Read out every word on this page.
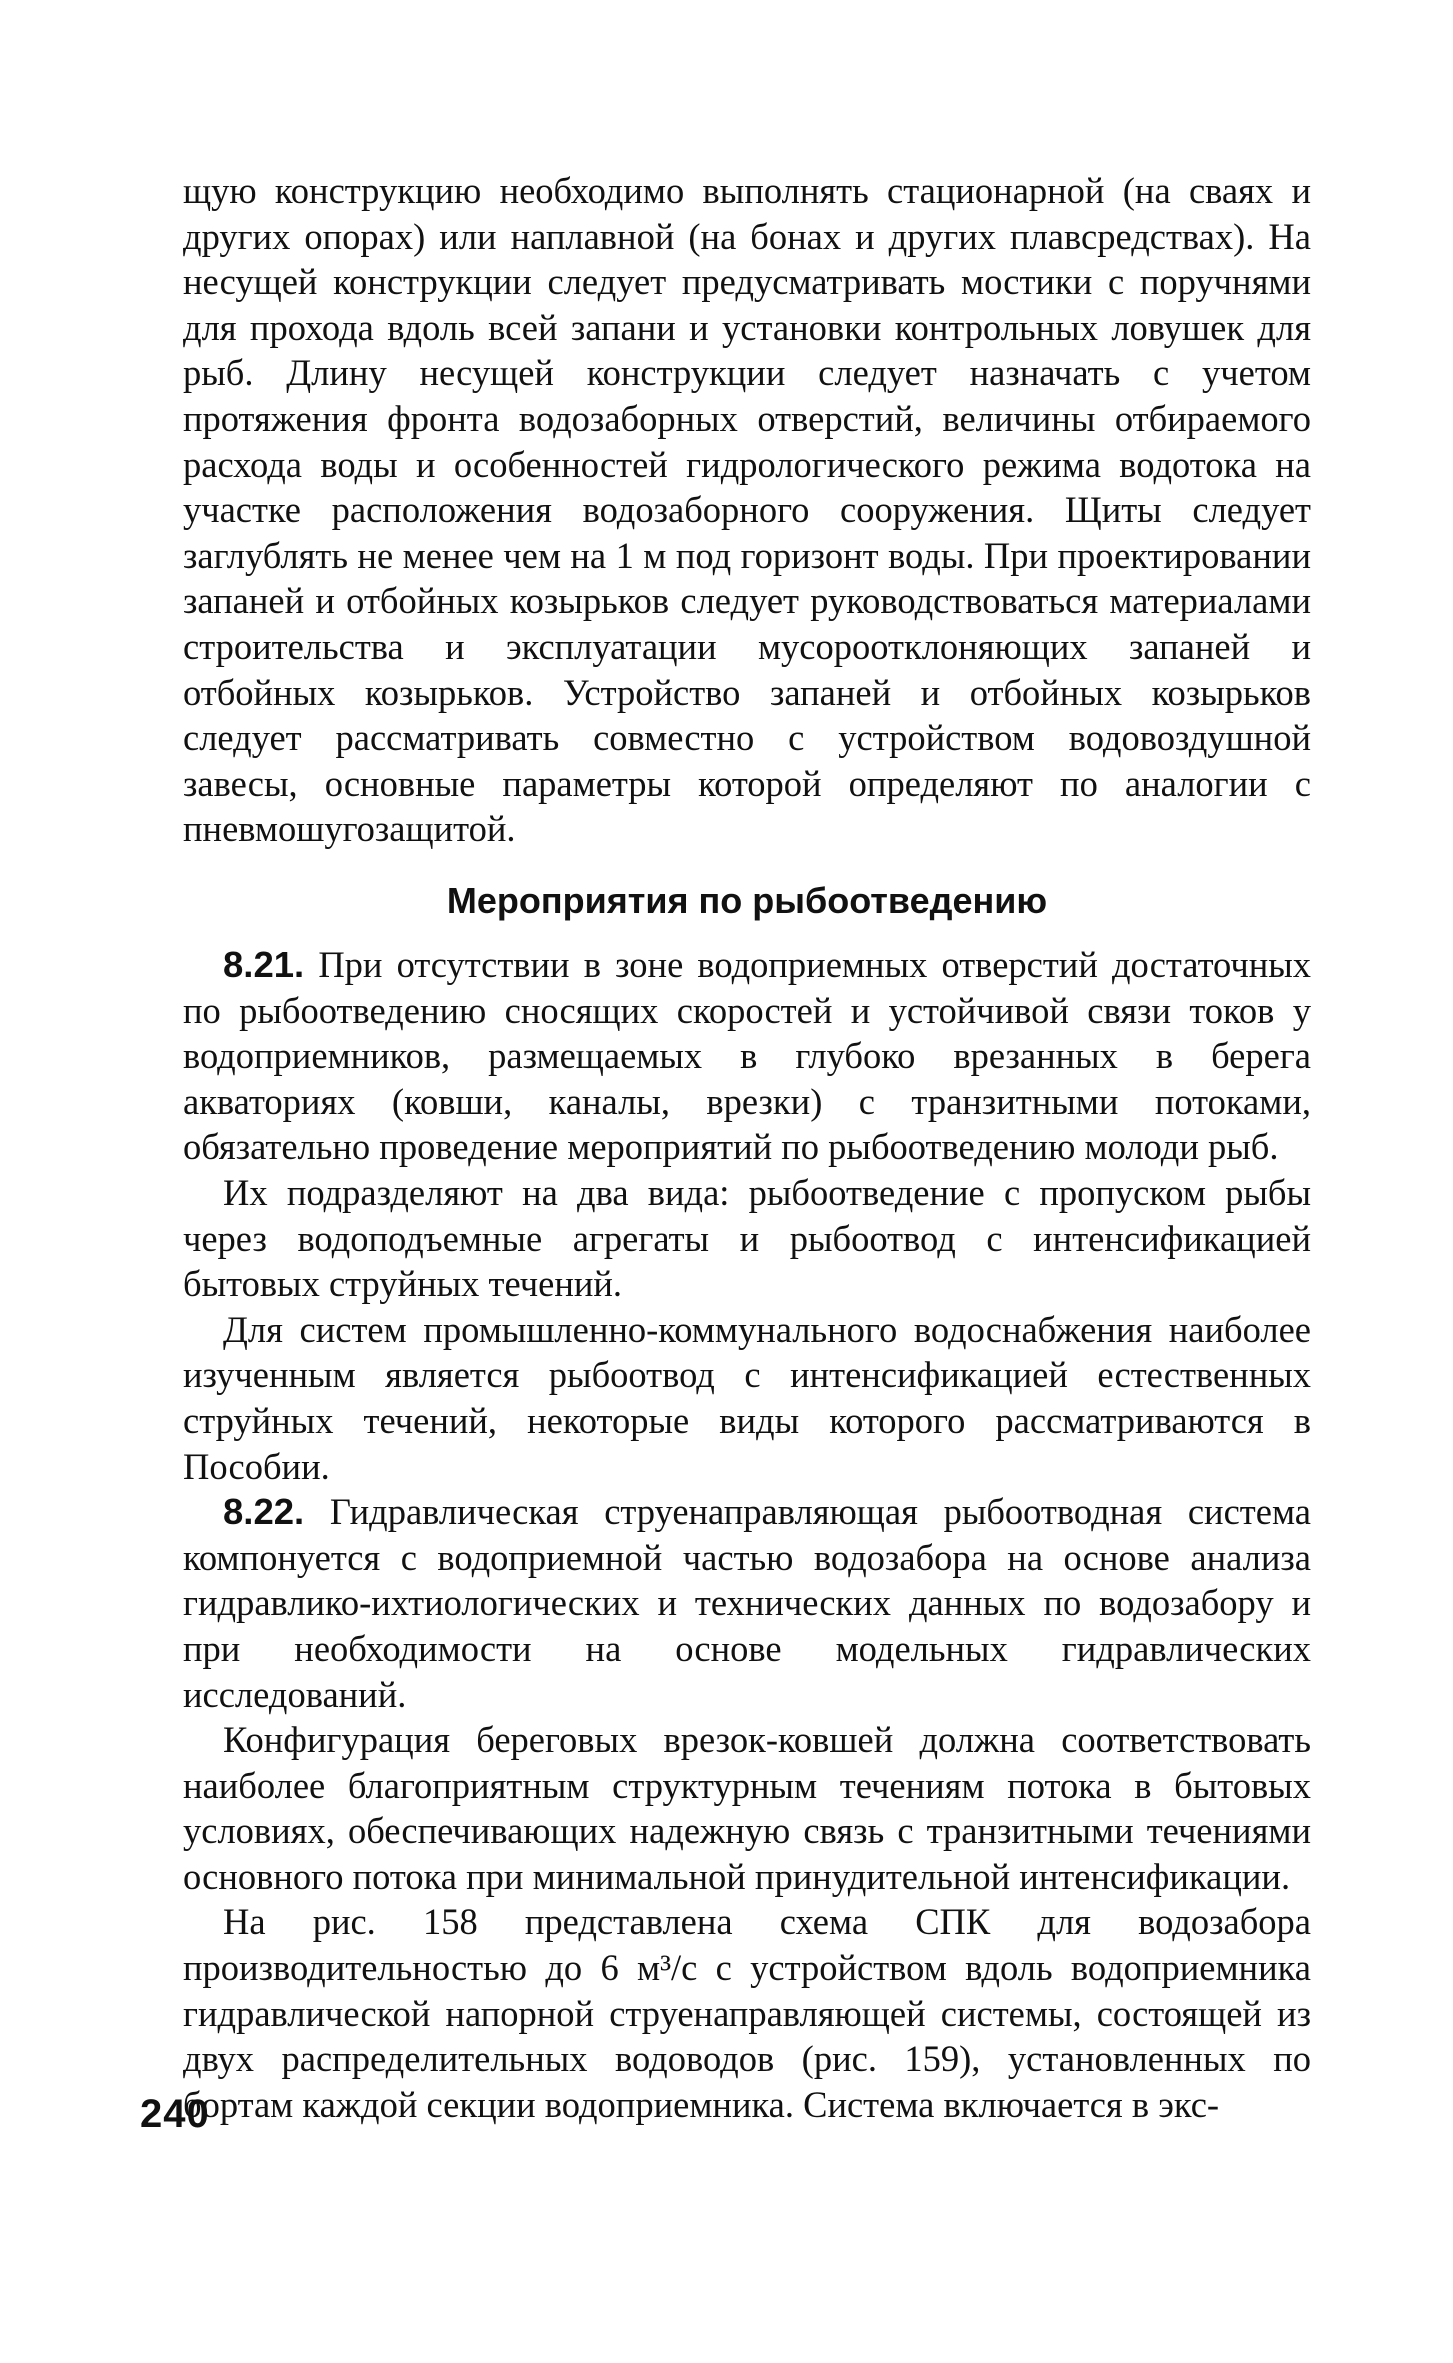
щую конструкцию необходимо выполнять стационарной (на сваях и других опорах) или наплавной (на бонах и других плавсредствах). На несущей конструкции следует предусматривать мостики с поручнями для прохода вдоль всей запани и установки контрольных ловушек для рыб. Длину несущей конструкции следует назначать с учетом протяжения фронта водозаборных отверстий, величины отбираемого расхода воды и особенностей гидрологического режима водотока на участке расположения водозаборного сооружения. Щиты следует заглублять не менее чем на 1 м под горизонт воды. При проектировании запаней и отбойных козырьков следует руководствоваться материалами строительства и эксплуатации мусороотклоняющих запаней и отбойных козырьков. Устройство запаней и отбойных козырьков следует рассматривать совместно с устройством водовоздушной завесы, основные параметры которой определяют по аналогии с пневмошугозащитой.

Мероприятия по рыбоотведению

8.21. При отсутствии в зоне водоприемных отверстий достаточных по рыбоотведению сносящих скоростей и устойчивой связи токов у водоприемников, размещаемых в глубоко врезанных в берега акваториях (ковши, каналы, врезки) с транзитными потоками, обязательно проведение мероприятий по рыбоотведению молоди рыб.

Их подразделяют на два вида: рыбоотведение с пропуском рыбы через водоподъемные агрегаты и рыбоотвод с интенсификацией бытовых струйных течений.

Для систем промышленно-коммунального водоснабжения наиболее изученным является рыбоотвод с интенсификацией естественных струйных течений, некоторые виды которого рассматриваются в Пособии.

8.22. Гидравлическая струенаправляющая рыбоотводная система компонуется с водоприемной частью водозабора на основе анализа гидравлико-ихтиологических и технических данных по водозабору и при необходимости на основе модельных гидравлических исследований.

Конфигурация береговых врезок-ковшей должна соответствовать наиболее благоприятным структурным течениям потока в бытовых условиях, обеспечивающих надежную связь с транзитными течениями основного потока при минимальной принудительной интенсификации.

На рис. 158 представлена схема СПК для водозабора производительностью до 6 м³/с с устройством вдоль водоприемника гидравлической напорной струенаправляющей системы, состоящей из двух распределительных водоводов (рис. 159), установленных по бортам каждой секции водоприемника. Система включается в экс-

240
